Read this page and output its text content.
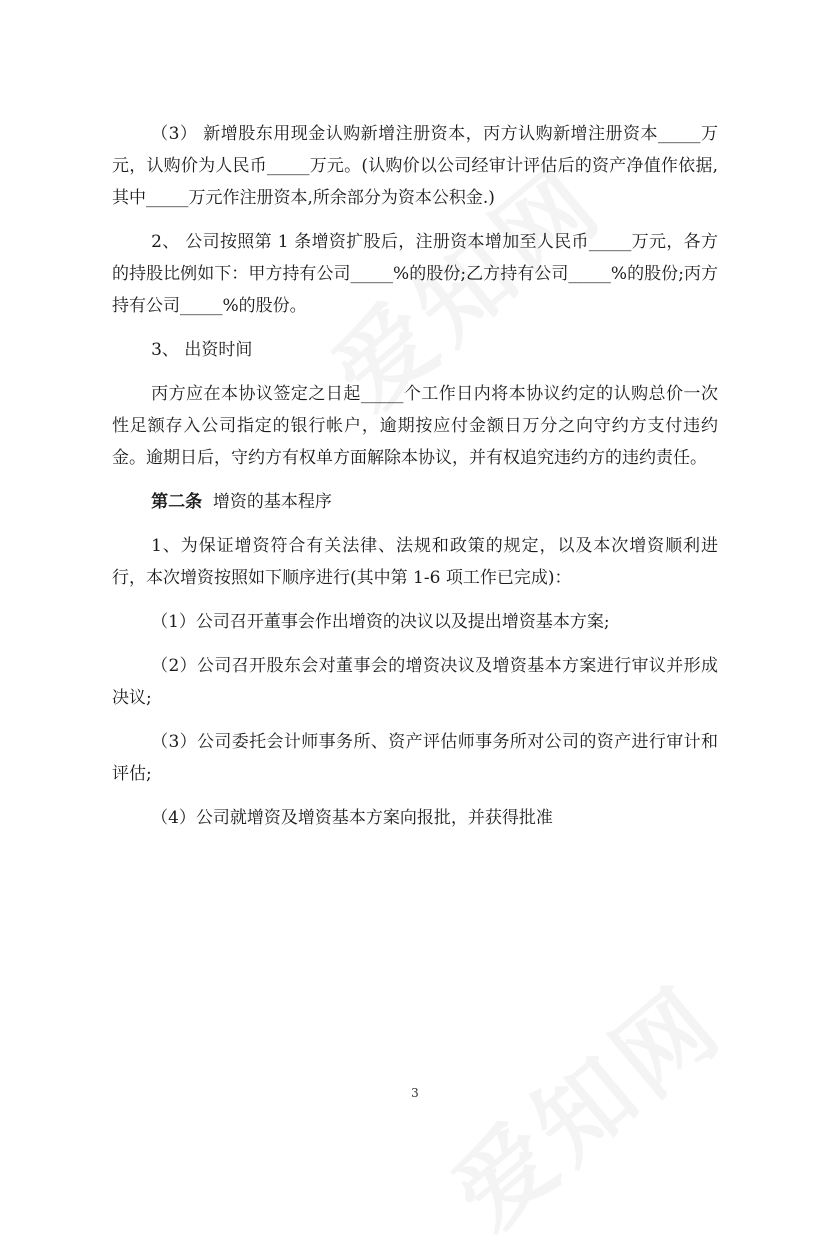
（3） 新增股东用现金认购新增注册资本，丙方认购新增注册资本_____万元，认购价为人民币_____万元。(认购价以公司经审计评估后的资产净值作依据,其中_____万元作注册资本,所余部分为资本公积金.)

2、 公司按照第 1 条增资扩股后，注册资本增加至人民币_____万元，各方的持股比例如下：甲方持有公司_____%的股份;乙方持有公司_____%的股份;丙方持有公司_____%的股份。

3、 出资时间

丙方应在本协议签定之日起_____个工作日内将本协议约定的认购总价一次性足额存入公司指定的银行帐户，逾期按应付金额日万分之向守约方支付违约金。逾期日后，守约方有权单方面解除本协议，并有权追究违约方的违约责任。

第二条 增资的基本程序

1、为保证增资符合有关法律、法规和政策的规定，以及本次增资顺利进行，本次增资按照如下顺序进行(其中第 1-6 项工作已完成)：

（1）公司召开董事会作出增资的决议以及提出增资基本方案;

（2）公司召开股东会对董事会的增资决议及增资基本方案进行审议并形成决议;

（3）公司委托会计师事务所、资产评估师事务所对公司的资产进行审计和评估;

（4）公司就增资及增资基本方案向报批，并获得批准

3
